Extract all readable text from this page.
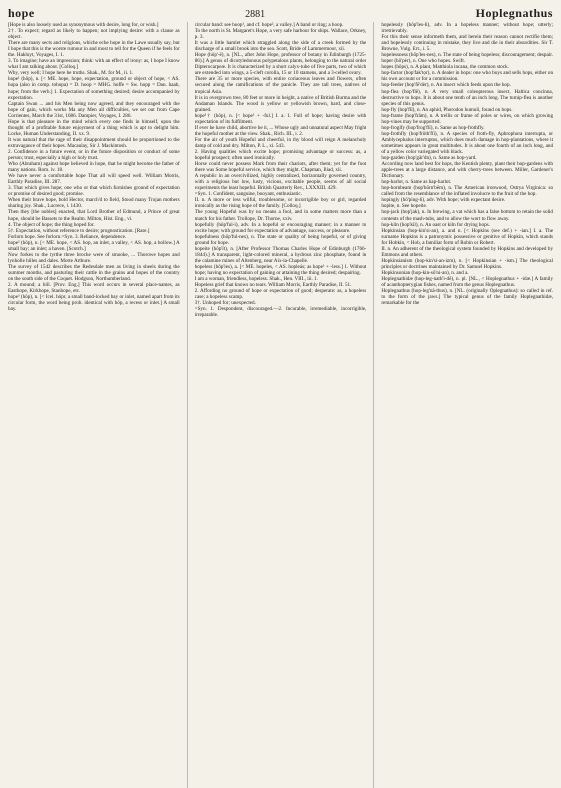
hope	2881	Hoplegnathus

[Hope is also loosely used as synonymous with desire, long for, or wish.]

2†. To expect; regard as likely to happen; not implying desire: with a clause as object.

There are many sects and religions, whiche eche hope in the Lawe usually say, but I hope that this is the worste rumour in and most to tell for the Queen if he feels for the. Hakluyt, Voyages, I. 1.

3. To imagine; have an impression; think: with an effect of irony: as, I hope I know what I am talking about. [Colloq.]

Why, very well; I hope here be truths. Shak., M. for M., ii. 1.

hope¹ (hōp), n. [< ME. hope, hope, expectation, ground or object of hope, < AS. hopa (also in comp. tohopa) = D. hoop = MHG. hoffe = Sw. hopp = Dan. haab, hope; from the verb.] 1. Expectation of something desired; desire accompanied by expectation.

Captain Swan ... and his Men being now agreed, and they encouraged with the hope of gain, which works Ma any Men all difficulties, we set out from Cape Corrientes, March the 31st, 1686. Dampier, Voyages, I. 286.

Hope is that pleasure in the mind which every one finds in himself, upon the thought of a profitable future enjoyment of a thing which is apt to delight him. Locke, Human Understanding, II. xx. 9.

It was natural that the rage of their disappointment should be proportioned to the extravagance of their hopes. Macaulay, Sir J. Mackintosh.

2. Confidence in a future event, or in the future disposition or conduct of some person; trust, especially a high or holy trust.

Who (Abraham) against hope believed in hope, that he might become the father of many nations. Rom. iv. 18.

We have never a comfortable hope That all will speed well. William Morris, Earthly Paradise, III. 287.

3. That which gives hope; one who or that which furnishes ground of expectation or promise of desired good; promise.

When their brave hope, bold Hector, march'd to field, Stood many Trojan mothers sharing joy. Shak., Lucrece, l. 1430.

Then they [the nobles] enacted, that Lord Brother of Edmund, a Prince of great hope, should be Bassets to the Realm. Milton, Hist. Eng., vi.

4. The object of hope; the thing hoped for.

5†. Expectation, without reference to desire; prognostication. [Rare.]

Forlorn hope. See forlorn.=Syn. 3. Reliance, dependence.

hope² (hōp), n. [< ME. hope, < AS. hop, an inlet, a valley, < AS. hop, a hollow.] A small bay; an inlet; a haven. [Scotch.]

Now forkes to the tyrthe three broche were of smooke, ... Thorowe hopes and lynholle hilles and dales. Morte Arthure.

The survey of 1542 describes the Redesdale men as living in sheels during the summer months, and pasturing their cattle in the grains and hopes of the country on the south side of the Coquet. Hodgson, Northumberland.

2. A mound; a hill. [Prov. Eng.] This word occurs in several place-names, as Easthope, Kirkhope, Stanhope, etc.

hope³ (hōp), n. [< Icel. hópr, a small band-locked bay or inlet, named apart from its circular form, the word being prob. identical with hóp, a recess or inlet.] A small bay.

circular band: see hoop¹, and cf. hope², a valley.] A band or ring; a hoop.

To the north is St. Margaret's Hope, a very safe harbour for ships. Wallace, Orkney, p. 3.

It was a little hamlet which straggled along the side of a creek formed by the discharge of a small brook into the sea. Scott, Bride of Lammermoor, xii.

Hope (hōp'-ē), n. [NL., after John Hope, professor of botany in Edinburgh (1725-86).] A genus of dicotyledonous polypetalous plants, belonging to the natural order Dipterocarpeæ. It is characterized by a short calyx-tube of five parts, two of which are extended into wings, a 5-cleft corolla, 15 or 10 stamens, and a 3-celled ovary.

There are 35 or more species, with entire coriaceous leaves and flowers, often secured along the ramifications of the panicle. They are tall trees, natives of tropical Asia.

It is in overgrown tree, 80 feet or more in height, a native of British Burma and the Andaman Islands. The wood is yellow or yellowish brown, hard, and close-grained.

hope²† (hōp), n. [< hope¹ + -ful.] I. a. 1. Full of hope; having desire with expectation of its fulfilment.

If ever he have child, abortive be it, ... Whose ugly and unnatural aspect May fright the hopeful mother at the view. Shak., Rich. III., i. 2.

For the air of youth Hopeful and cheerful, in thy blood will reign A melancholy damp of cold and dry. Milton, P. L., xi. 543.

2. Having qualities which excite hope; promising advantage or success: as, a hopeful prospect; often used ironically.

Horse could never possess Mark from their chariots, after them; yet for the foot there was Some hopeful service, which they might. Chapman, Iliad, xii.

A republic in an overcivilized, highly centralized, horizontally governed country, with a religious but low, lusty, vicious, excitable people, seems of all social experiments the least hopeful. British Quarterly Rev., LXXXIII. 429.

=Syn. 1. Confident, sanguine, buoyant, enthusiastic.

II. n. A more or less wilful, troublesome, or incorrigible boy or girl, regarded ironically as the rising hope of the family. [Colloq.]

The young Hopeful was by no means a fool, and in some matters more than a match for his father. Trollope, Dr. Thorne, xxiv.

hopefully (hōp'ful-i), adv. In a hopeful or encouraging manner; in a manner to excite hope; with ground for expectation of advantage, success, or pleasure.

hopefulness (hōp'ful-nes), n. The state or quality of being hopeful, or of giving ground for hope.

hopeite (hōp'īt), n. [After Professor Thomas Charles Hope of Edinburgh (1766-1844).] A transparent, light-colored mineral, a hydrous zinc phosphate, found in the calamine mines of Altenberg, near Aix-la-Chapelle.

hopeless (hōp'les), a. [< ME. hopeles, < AS. hopleás; as hope¹ + -less.] 1. Without hope; having no expectation of gaining or attaining the thing desired; despairing.

I am a woman, friendless, hopeless. Shak., Hen. VIII., iii. 1.

Hopeless grief that knows no tears. William Morris, Earthly Paradise, II. 51.

2. Affording no ground of hope or expectation of good; desperate: as, a hopeless case; a hopeless scamp.

3†. Unhoped for; unexpected.

=Syn. 1. Despondent, discouraged.—2. Incurable, irremediable, incorrigible, irreparable.

hopelessly (hōp'les-li), adv. In a hopeless manner; without hope; utterly; irretrievably.

For this their sense informeth them, and herein their reason cannot rectifie them; and hopelessly continuing in mistake, they live and die in their absurdities. Sir T. Browne, Vulg. Err., i. 5.

hopelessness (hōp'les-nes), n. The state of being hopeless; discouragement; despair.

hoper (hō'pėr), n. One who hopes. Swift.

hopes (hōps), n. A plant, Matthiola incana, the common stock.

hop-factor (hop'fak'tọr), n. A dealer in hops: one who buys and sells hops, either on his own account or for a commission.

hop-feeder (hop'fē'dėr), n. An insect which feeds upon the hop.

hop-flea (hop'flē), n. A very small coleopterous insect, Haltica concinna, destructive to hops. It is about one tenth of an inch long. The turnip-flea is another species of this genus.

hop-fly (hop'flī), n. An aphid, Phorodon humuli, found on hops.

hop-frame (hop'frām), n. A trellis or frame of poles or wires, on which growing hop-vines may be supported.

hop-froglfy (hop'frog'flī), n. Same as hop-frothfly.

hop-frothfly (hop'frôth'flī), n. A species of froth-fly, Aphrophora interrupta, or Amblycephalus interruptus, which does much damage in hop-plantations, where it sometimes appears in great multitudes. It is about one fourth of an inch long, and of a yellow color variegated with black.

hop-garden (hop'gär'dn), n. Same as hop-yard.

According now land best for hops, the Kentish plenty, plant their hop-gardens with apple-trees at a large distance, and with cherry-trees between. Miller, Gardener's Dictionary.

hop-harlot, n. Same as hap-harlot.

hop-hornbeam (hop'hōrn'bēm), n. The American ironwood, Ostrya Virginica: so called from the resemblance of the inflated involucre to the fruit of the hop.

hopingly (hō'ping-li), adv. With hope; with expectant desire.

hopite, n. See hopeite.

hop-jack (hop'jak), n. In brewing, a vat which has a false bottom to retain the solid contents of the mash-tubs, and to allow the wort to flow away.

hop-kiln (hop'kil), n. An oast or kiln for drying hops.

Hopkinsian (hop-kin'si-an), a. and n. [< Hopkins (see def.) + -ian.] I. a. The surname Hopkins is a patronymic possessive or genitive of Hopkin, which stands for Hobkin, < Hob, a familiar form of Robin or Robert.

II. n. An adherent of the theological system founded by Hopkins and developed by Emmons and others.

Hopkinsianism (hop-kin'si-an-izm), n. [< Hopkinsian + -ism.] The theological principles or doctrines maintained by Dr. Samuel Hopkins.

Hopkinsonian (hop-kin-sō'ni-an), n. and a.

Hoplegnathidæ (hop-leg-nath'i-dē), n. pl. [NL., < Hoplegnathus + -idæ.] A family of acanthopterygian fishes, named from the genus Hoplegnathus.

Hoplegnathus (hop-leg'nā-thus), n. [NL. (originally Oplegnathus): so called in ref. to the form of the jaws.] The typical genus of the family Hoplegnathidæ, remarkable for the
